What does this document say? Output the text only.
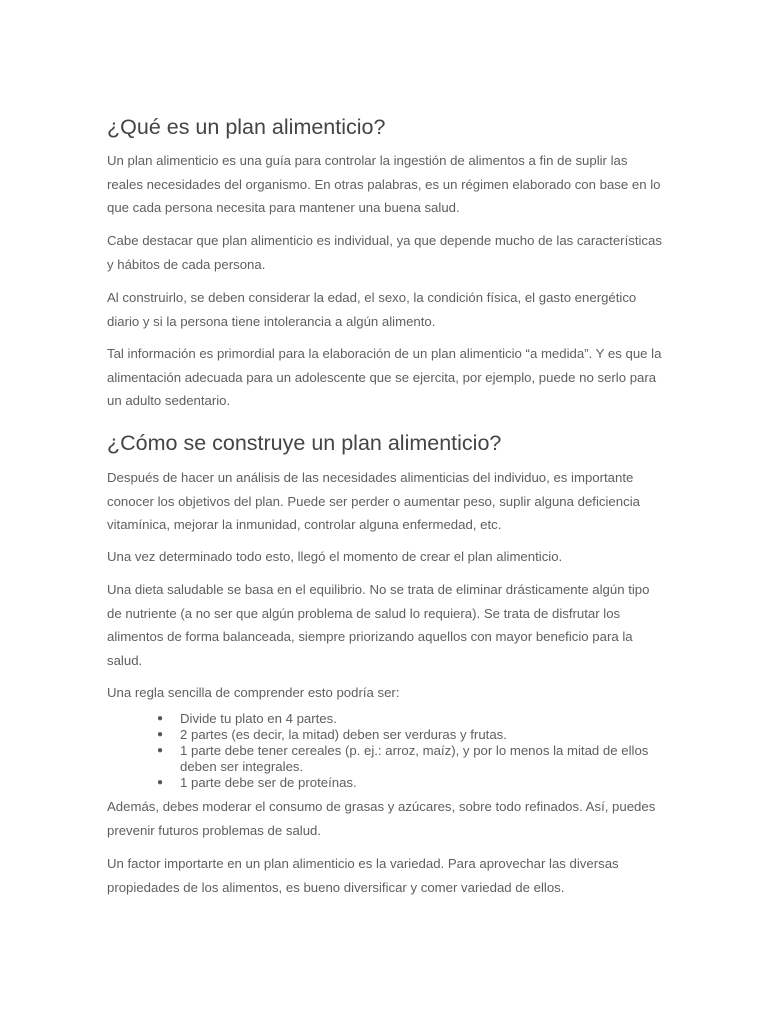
¿Qué es un plan alimenticio?

Un plan alimenticio es una guía para controlar la ingestión de alimentos a fin de suplir las reales necesidades del organismo. En otras palabras, es un régimen elaborado con base en lo que cada persona necesita para mantener una buena salud.

Cabe destacar que plan alimenticio es individual, ya que depende mucho de las características y hábitos de cada persona.

Al construirlo, se deben considerar la edad, el sexo, la condición física, el gasto energético diario y si la persona tiene intolerancia a algún alimento.

Tal información es primordial para la elaboración de un plan alimenticio “a medida”. Y es que la alimentación adecuada para un adolescente que se ejercita, por ejemplo, puede no serlo para un adulto sedentario.

¿Cómo se construye un plan alimenticio?

Después de hacer un análisis de las necesidades alimenticias del individuo, es importante conocer los objetivos del plan. Puede ser perder o aumentar peso, suplir alguna deficiencia vitamínica, mejorar la inmunidad, controlar alguna enfermedad, etc.

Una vez determinado todo esto, llegó el momento de crear el plan alimenticio.

Una dieta saludable se basa en el equilibrio. No se trata de eliminar drásticamente algún tipo de nutriente (a no ser que algún problema de salud lo requiera). Se trata de disfrutar los alimentos de forma balanceada, siempre priorizando aquellos con mayor beneficio para la salud.

Una regla sencilla de comprender esto podría ser:

● Divide tu plato en 4 partes.
● 2 partes (es decir, la mitad) deben ser verduras y frutas.
● 1 parte debe tener cereales (p. ej.: arroz, maíz), y por lo menos la mitad de ellos deben ser integrales.
● 1 parte debe ser de proteínas.

Además, debes moderar el consumo de grasas y azúcares, sobre todo refinados. Así, puedes prevenir futuros problemas de salud.

Un factor importarte en un plan alimenticio es la variedad. Para aprovechar las diversas propiedades de los alimentos, es bueno diversificar y comer variedad de ellos.
